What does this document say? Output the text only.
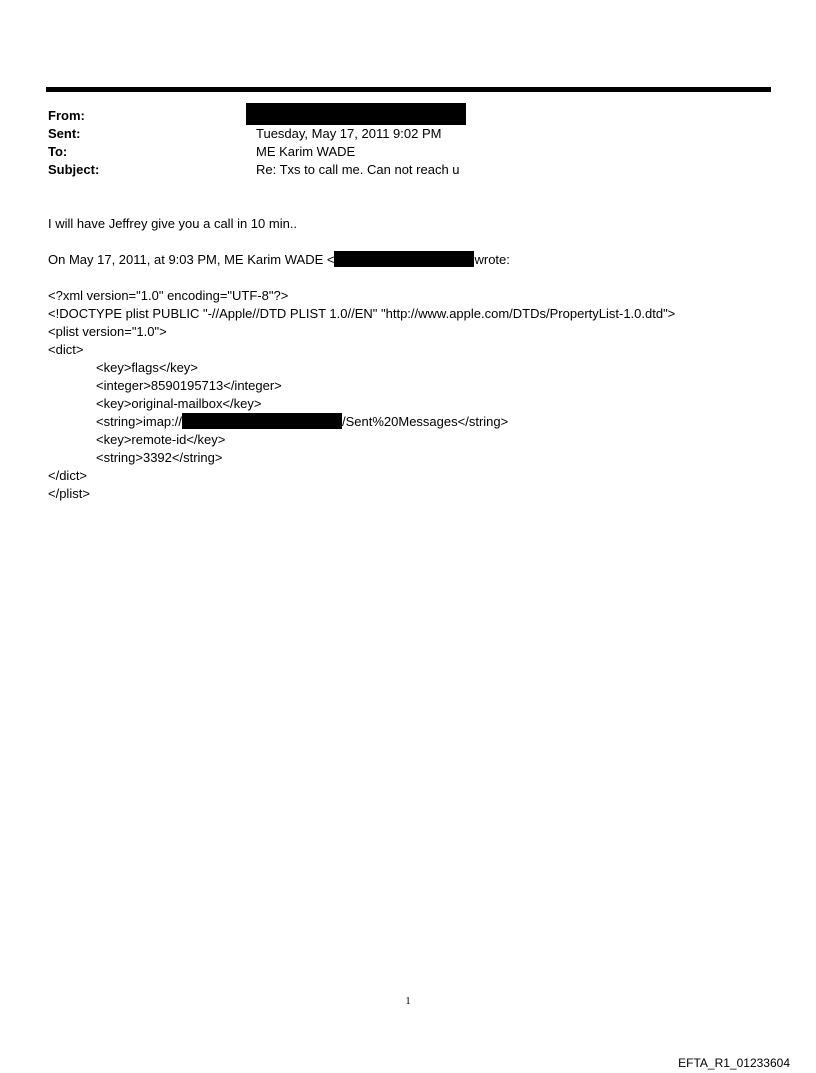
From:
Sent:	Tuesday, May 17, 2011 9:02 PM
To:	ME Karim WADE
Subject:	Re: Txs to call me. Can not reach u
I will have Jeffrey give you a call in 10 min..
On May 17, 2011, at 9:03 PM, ME Karim WADE <	wrote:
<?xml version="1.0" encoding="UTF-8"?>
<!DOCTYPE plist PUBLIC "-//Apple//DTD PLIST 1.0//EN" "http://www.apple.com/DTDs/PropertyList-1.0.dtd">
<plist version="1.0">
<dict>
<key>flags</key>
<integer>8590195713</integer>
<key>original-mailbox</key>
<string>imap://	/Sent%20Messages</string>
<key>remote-id</key>
<string>3392</string>
</dict>
</plist>
1
EFTA_R1_01233604
